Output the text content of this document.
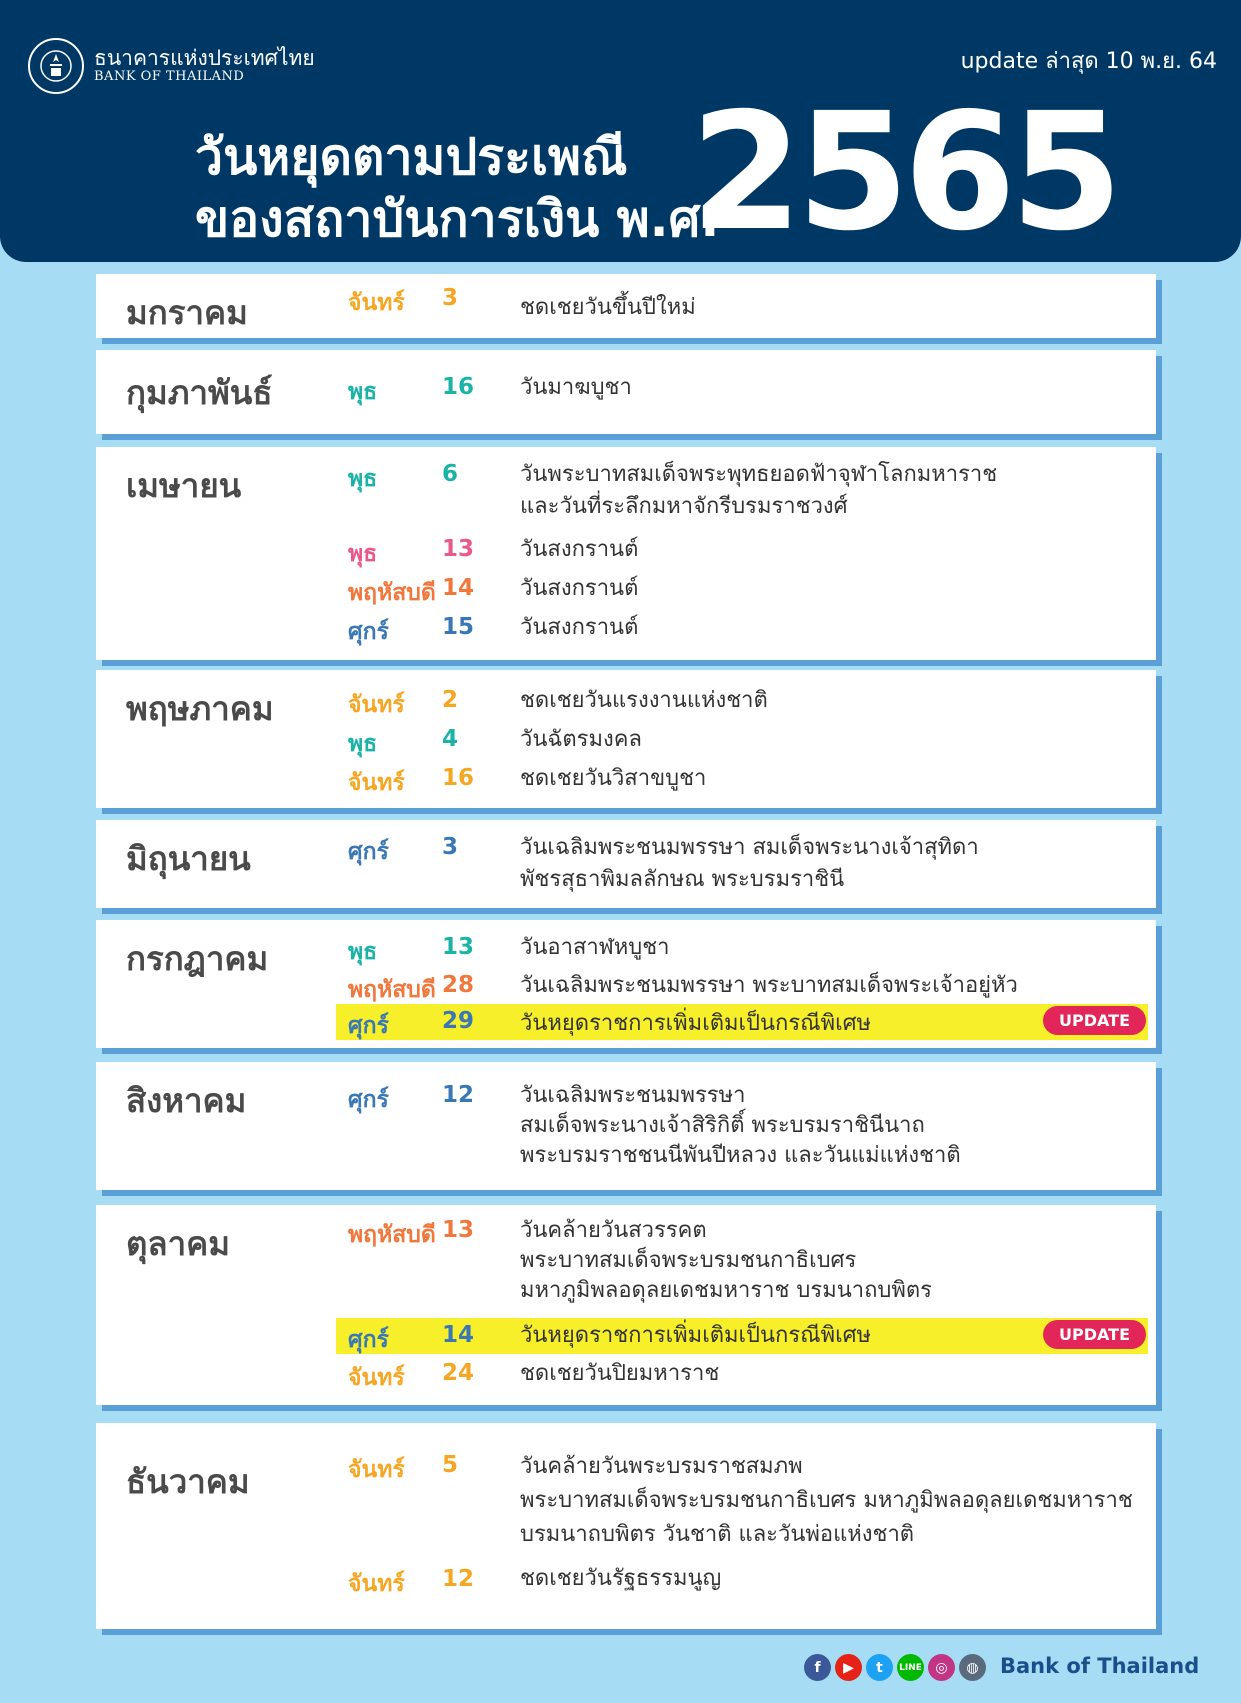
ธนาคารแห่งประเทศไทย
BANK OF THAILAND
update ล่าสุด 10 พ.ย. 64
วันหยุดตามประเพณี
ของสถาบันการเงิน พ.ศ.
2565
มกราคม	จันทร์ 3	ชดเชยวันขึ้นปีใหม่
กุมภาพันธ์	พุธ	16 วันมาฆบูชา
เมษายน	พุธ	6	วันพระบาทสมเด็จพระพุทธยอดฟ้าจุฬาโลกมหาราช
และวันที่ระลึกมหาจักรีบรมราชวงศ์
พุธ	13 วันสงกรานต์
พฤหัสบดี 14 วันสงกรานต์
ศุกร์ 15 วันสงกรานต์
พฤษภาคม	จันทร์ 2	ชดเชยวันแรงงานแห่งชาติ
พุธ	4	วันฉัตรมงคล
จันทร์ 16 ชดเชยวันวิสาขบูชา
มิถุนายน	ศุกร์ 3	วันเฉลิมพระชนมพรรษา สมเด็จพระนางเจ้าสุทิดา
พัชรสุธาพิมลลักษณ พระบรมราชินี
กรกฎาคม	พุธ	13 วันอาสาฬหบูชา
พฤหัสบดี 28 วันเฉลิมพระชนมพรรษา พระบาทสมเด็จพระเจ้าอยู่หัว
UPDATE
ศุกร์ 29 วันหยุดราชการเพิ่มเติมเป็นกรณีพิเศษ
สิงหาคม	ศุกร์ 12 วันเฉลิมพระชนมพรรษา
สมเด็จพระนางเจ้าสิริกิติ์ พระบรมราชินีนาถ
พระบรมราชชนนีพันปีหลวง และวันแม่แห่งชาติ
ตุลาคม	พฤหัสบดี 13 วันคล้ายวันสวรรคต
พระบาทสมเด็จพระบรมชนกาธิเบศร
มหาภูมิพลอดุลยเดชมหาราช บรมนาถบพิตร
UPDATE
ศุกร์ 14 วันหยุดราชการเพิ่มเติมเป็นกรณีพิเศษ
จันทร์ 24 ชดเชยวันปิยมหาราช
ธันวาคม	จันทร์ 5	วันคล้ายวันพระบรมราชสมภพ
พระบาทสมเด็จพระบรมชนกาธิเบศร มหาภูมิพลอดุลยเดชมหาราช
บรมนาถบพิตร วันชาติ และวันพ่อแห่งชาติ
จันทร์ 12 ชดเชยวันรัฐธรรมนูญ
f	▶	t	LINE ◎	◍	Bank of Thailand
